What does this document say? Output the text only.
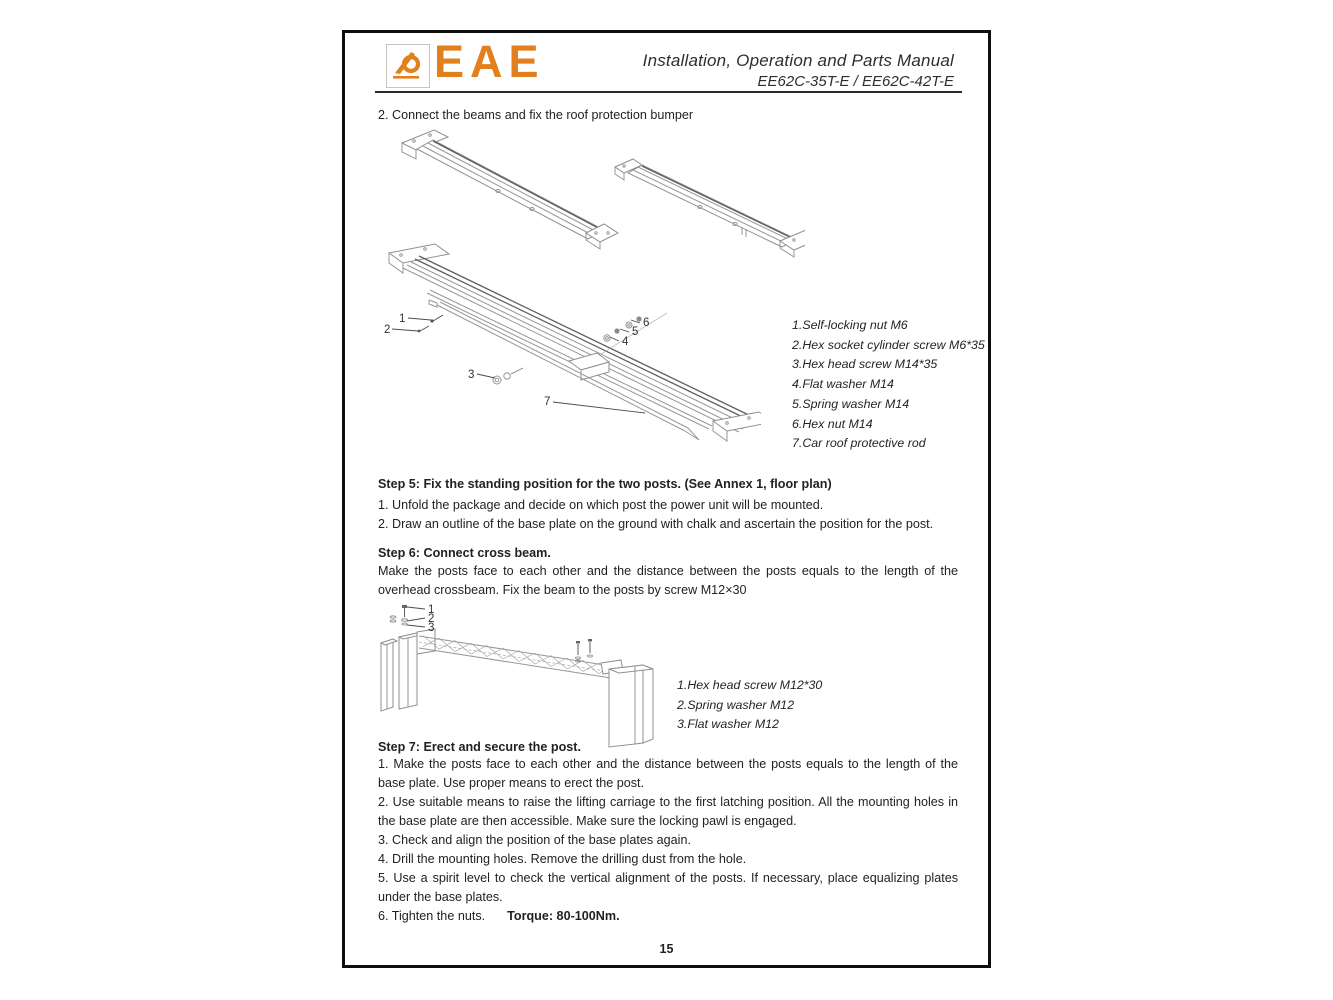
EAE	Installation, Operation and Parts Manual
EE62C-35T-E / EE62C-42T-E
2. Connect the beams and fix the roof protection bumper
1
2
3
4
5
6
7
1.Self-locking nut M6
2.Hex socket cylinder screw M6*35
3.Hex head screw M14*35
4.Flat washer M14
5.Spring washer M14
6.Hex nut M14
7.Car roof protective rod
Step 5: Fix the standing position for the two posts. (See Annex 1, floor plan)

1. Unfold the package and decide on which post the power unit will be mounted.

2. Draw an outline of the base plate on the ground with chalk and ascertain the position for the post.

Step 6: Connect cross beam.
Make the posts face to each other and the distance between the posts equals to the length of the overhead crossbeam. Fix the beam to the posts by screw M12×30
1
2
3
1.Hex head screw M12*30
2.Spring washer M12
3.Flat washer M12
Step 7: Erect and secure the post.

1. Make the posts face to each other and the distance between the posts equals to the length of the base plate. Use proper means to erect the post.

2. Use suitable means to raise the lifting carriage to the first latching position. All the mounting holes in the base plate are then accessible. Make sure the locking pawl is engaged.

3. Check and align the position of the base plates again.

4. Drill the mounting holes. Remove the drilling dust from the hole.

5. Use a spirit level to check the vertical alignment of the posts. If necessary, place equalizing plates under the base plates.

6. Tighten the nuts. Torque: 80-100Nm.

15
